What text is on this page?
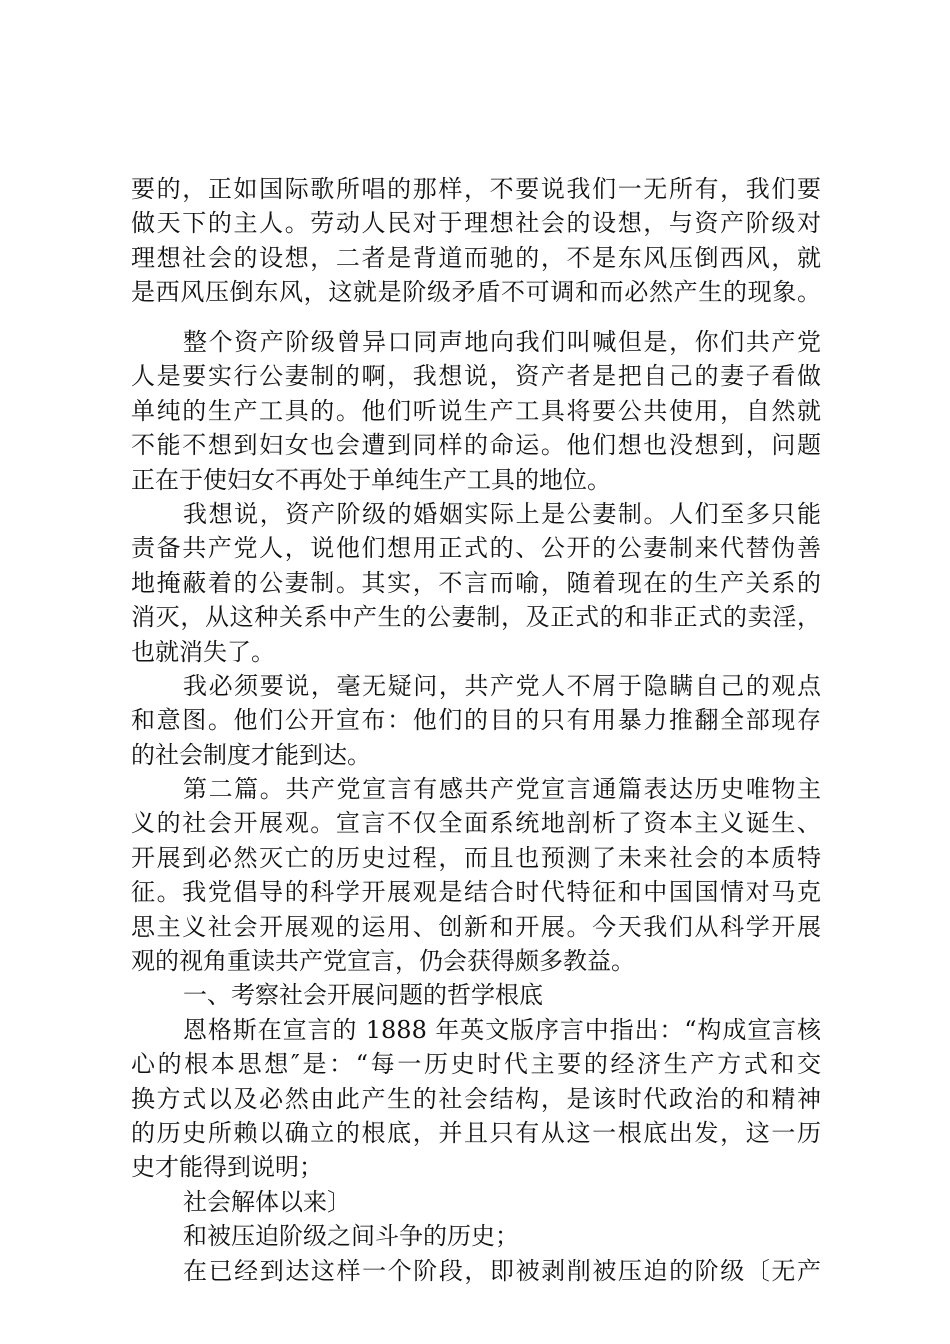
要的，正如国际歌所唱的那样，不要说我们一无所有，我们要
做天下的主人。劳动人民对于理想社会的设想，与资产阶级对
理想社会的设想，二者是背道而驰的，不是东风压倒西风，就
是西风压倒东风，这就是阶级矛盾不可调和而必然产生的现象。
整个资产阶级曾异口同声地向我们叫喊但是，你们共产党
人是要实行公妻制的啊，我想说，资产者是把自己的妻子看做
单纯的生产工具的。他们听说生产工具将要公共使用，自然就
不能不想到妇女也会遭到同样的命运。他们想也没想到，问题
正在于使妇女不再处于单纯生产工具的地位。
我想说，资产阶级的婚姻实际上是公妻制。人们至多只能
责备共产党人，说他们想用正式的、公开的公妻制来代替伪善
地掩蔽着的公妻制。其实，不言而喻，随着现在的生产关系的
消灭，从这种关系中产生的公妻制，及正式的和非正式的卖淫，
也就消失了。
我必须要说，毫无疑问，共产党人不屑于隐瞒自己的观点
和意图。他们公开宣布：他们的目的只有用暴力推翻全部现存
的社会制度才能到达。
第二篇。共产党宣言有感共产党宣言通篇表达历史唯物主
义的社会开展观。宣言不仅全面系统地剖析了资本主义诞生、
开展到必然灭亡的历史过程，而且也预测了未来社会的本质特
征。我党倡导的科学开展观是结合时代特征和中国国情对马克
思主义社会开展观的运用、创新和开展。今天我们从科学开展
观的视角重读共产党宣言，仍会获得颇多教益。
一、考察社会开展问题的哲学根底
恩格斯在宣言的 1888 年英文版序言中指出：“构成宣言核
心的根本思想″是：“每一历史时代主要的经济生产方式和交
换方式以及必然由此产生的社会结构，是该时代政治的和精神
的历史所赖以确立的根底，并且只有从这一根底出发，这一历
史才能得到说明；
社会解体以来〕
和被压迫阶级之间斗争的历史；
在已经到达这样一个阶段，即被剥削被压迫的阶级〔无产
